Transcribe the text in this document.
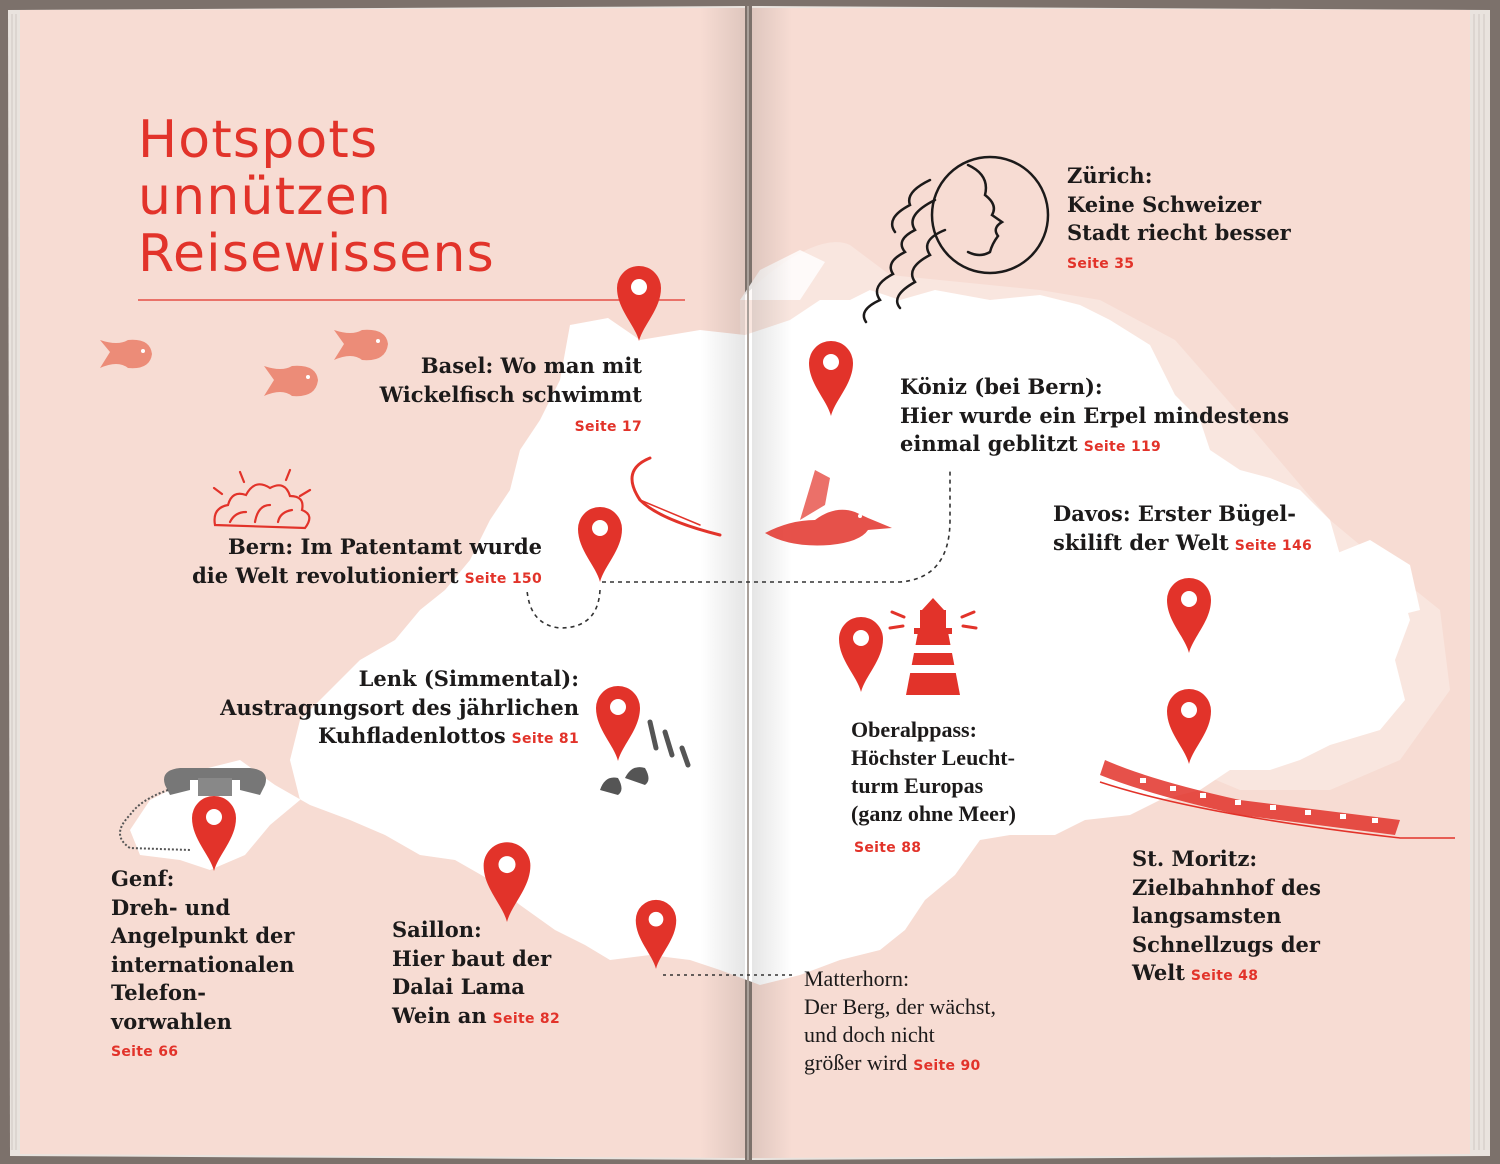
Hotspots
unnützen
Reisewissens
Basel: Wo man mit
Wickelfisch schwimmt
Seite 17
Zürich:
Keine Schweizer
Stadt riecht besser
Seite 35
Köniz (bei Bern):
Hier wurde ein Erpel mindestens
einmal geblitzt Seite 119
Bern: Im Patentamt wurde
die Welt revolutioniert Seite 150
Davos: Erster Bügel-
skilift der Welt Seite 146
Lenk (Simmental):
Austragungsort des jährlichen
Kuhfladenlottos Seite 81	Oberalppass:
Höchster Leucht-
turm Europas
(ganz ohne Meer)
Seite 88
Genf:
Dreh- und
Angelpunkt der
internationalen
Telefon-
vorwahlen
Seite 66
Saillon:
Hier baut der
Dalai Lama
Wein an Seite 82
Matterhorn:
Der Berg, der wächst,
und doch nicht
größer wird Seite 90
St. Moritz:
Zielbahnhof des
langsamsten
Schnellzugs der
Welt Seite 48
